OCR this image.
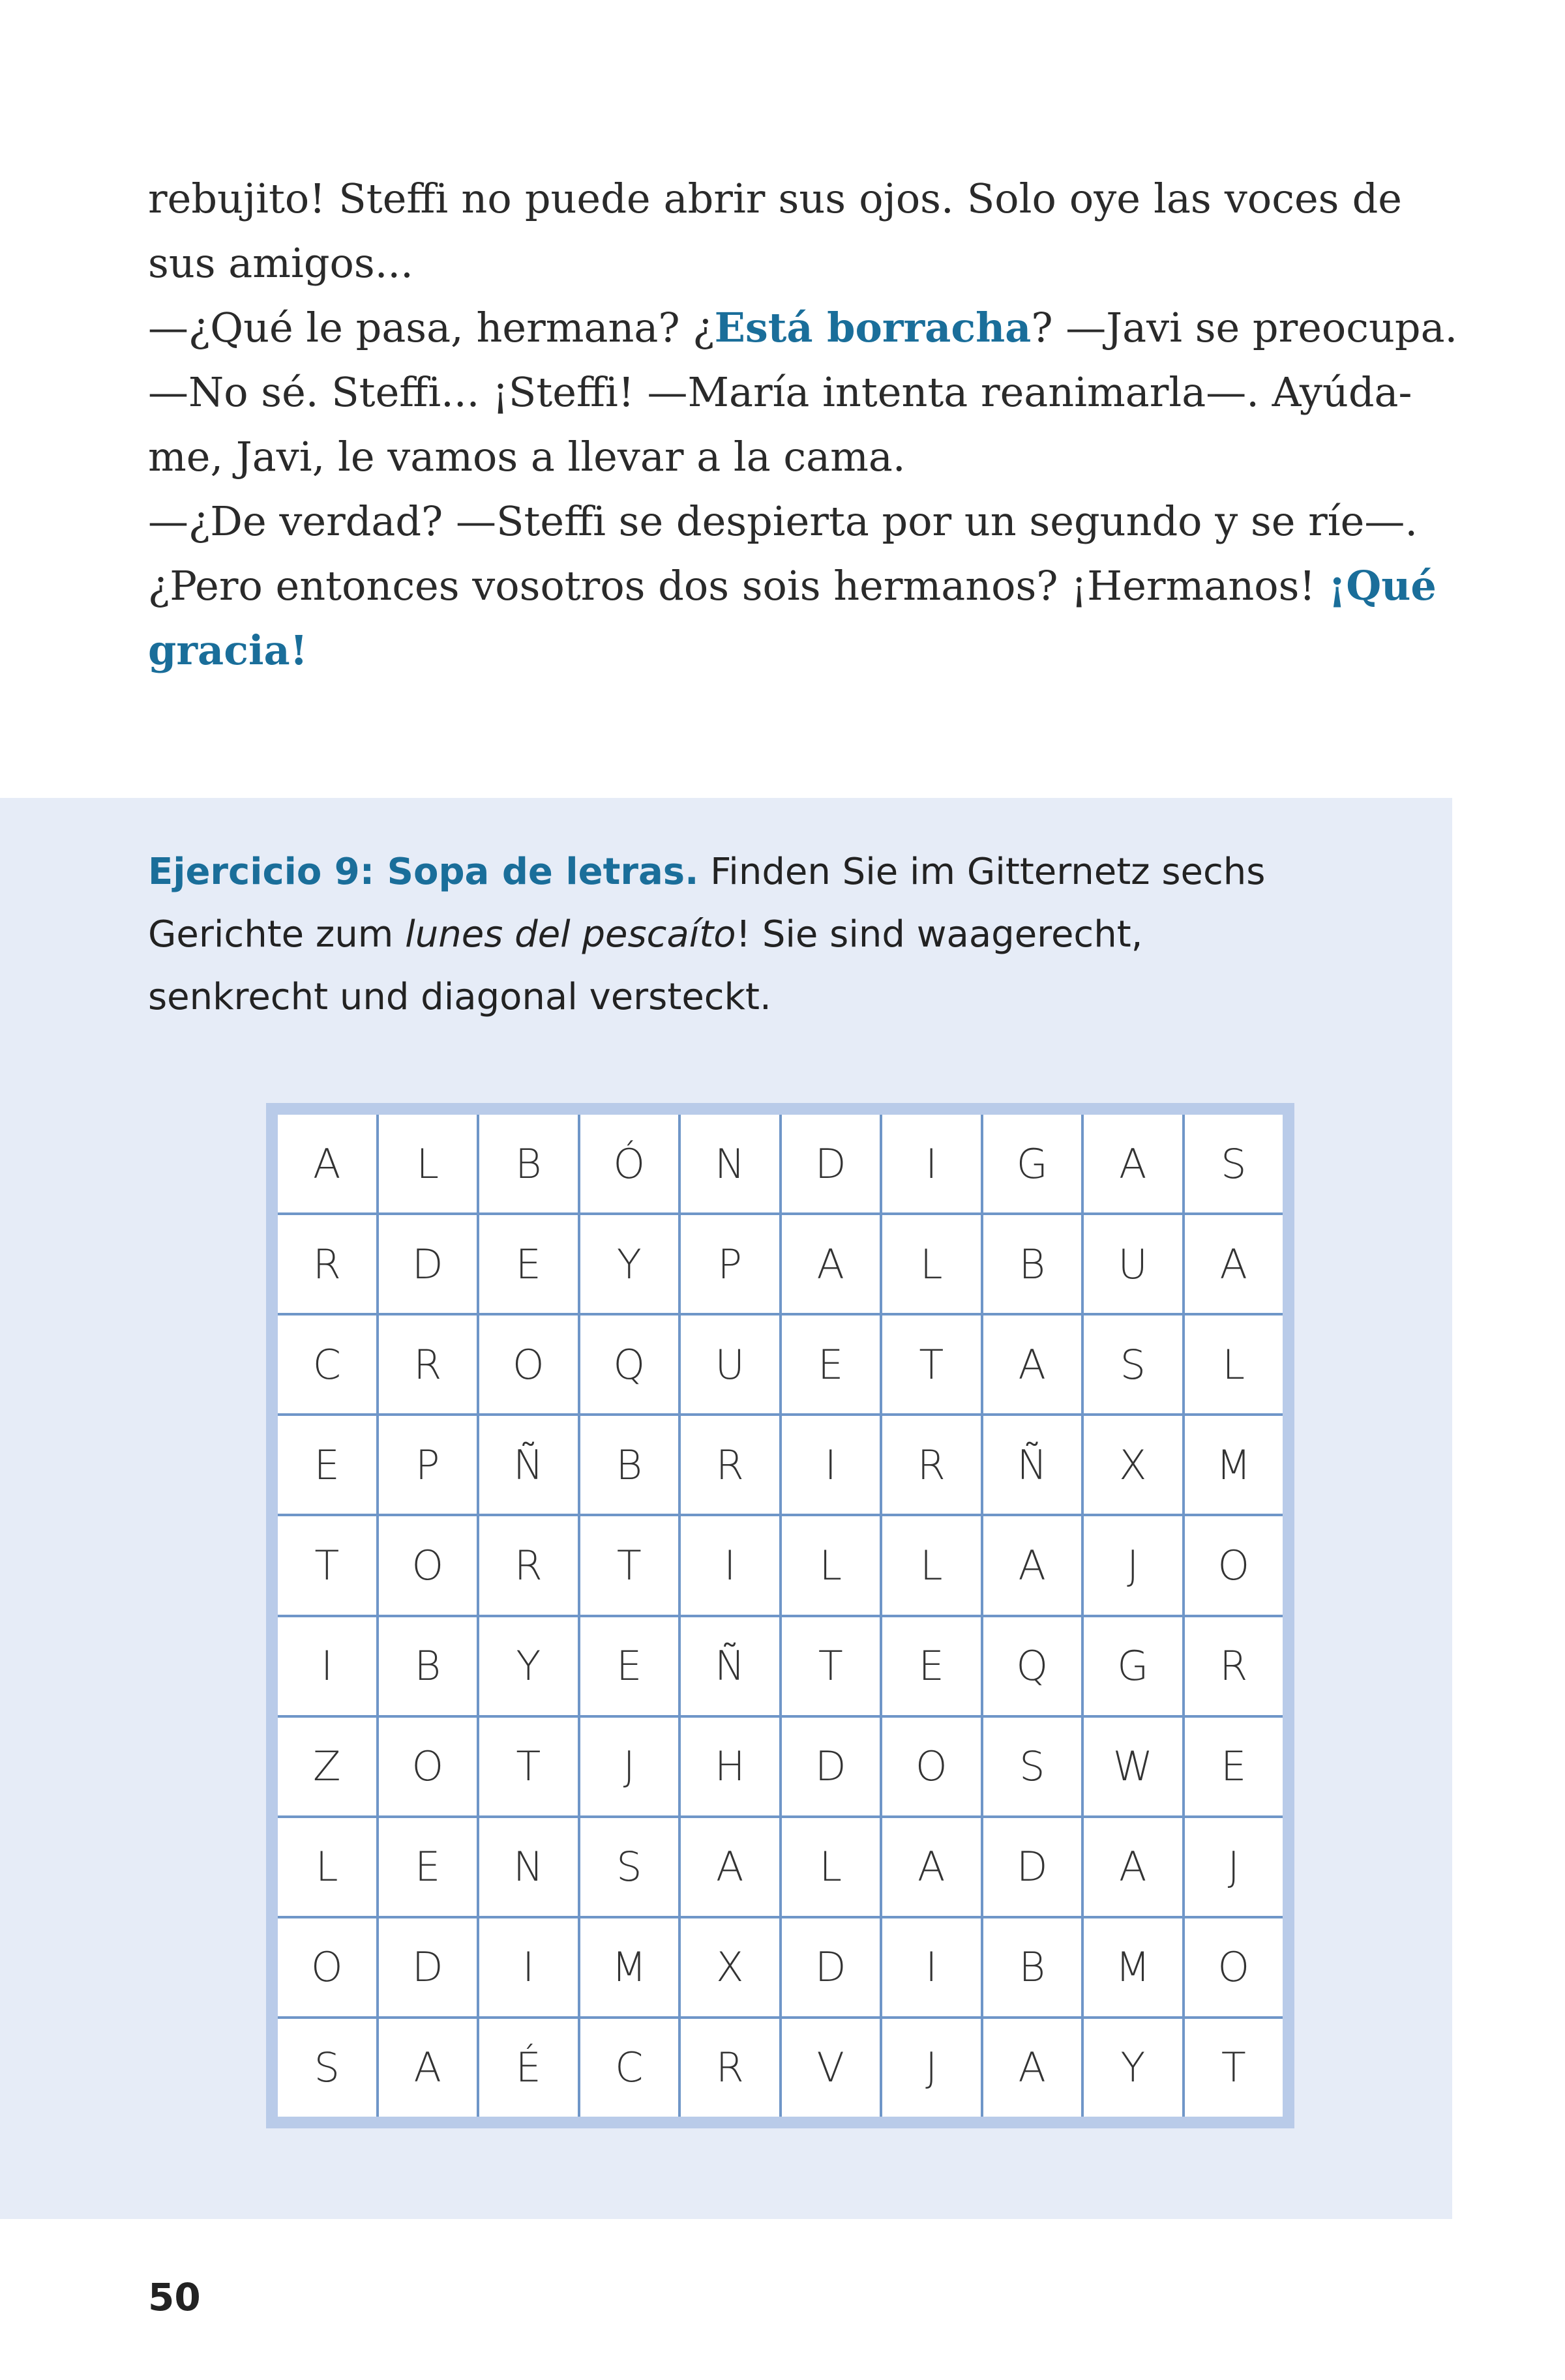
rebujito! Steffi no puede abrir sus ojos. Solo oye las voces de
sus amigos...
—¿Qué le pasa, hermana? ¿Está borracha? —Javi se preocupa.
—No sé. Steffi... ¡Steffi! —María intenta reanimarla—. Ayúda-
me, Javi, le vamos a llevar a la cama.
—¿De verdad? —Steffi se despierta por un segundo y se ríe—.
¿Pero entonces vosotros dos sois hermanos? ¡Hermanos! ¡Qué
gracia!
Ejercicio 9: Sopa de letras. Finden Sie im Gitternetz sechs
Gerichte zum lunes del pescaíto! Sie sind waagerecht,
senkrecht und diagonal versteckt.
A	L	B	Ó	N	D	I	G	A	S
R	D	E	Y	P	A	L	B	U	A
C	R	O	Q	U	E	T	A	S	L
E	P	Ñ	B	R	I	R	Ñ	X	M
T	O	R	T	I	L	L	A	J	O
I	B	Y	E	Ñ	T	E	Q	G	R
Z	O	T	J	H	D	O	S	W	E
L	E	N	S	A	L	A	D	A	J
O	D	I	M	X	D	I	B	M	O
S	A	É	C	R	V	J	A	Y	T
50
